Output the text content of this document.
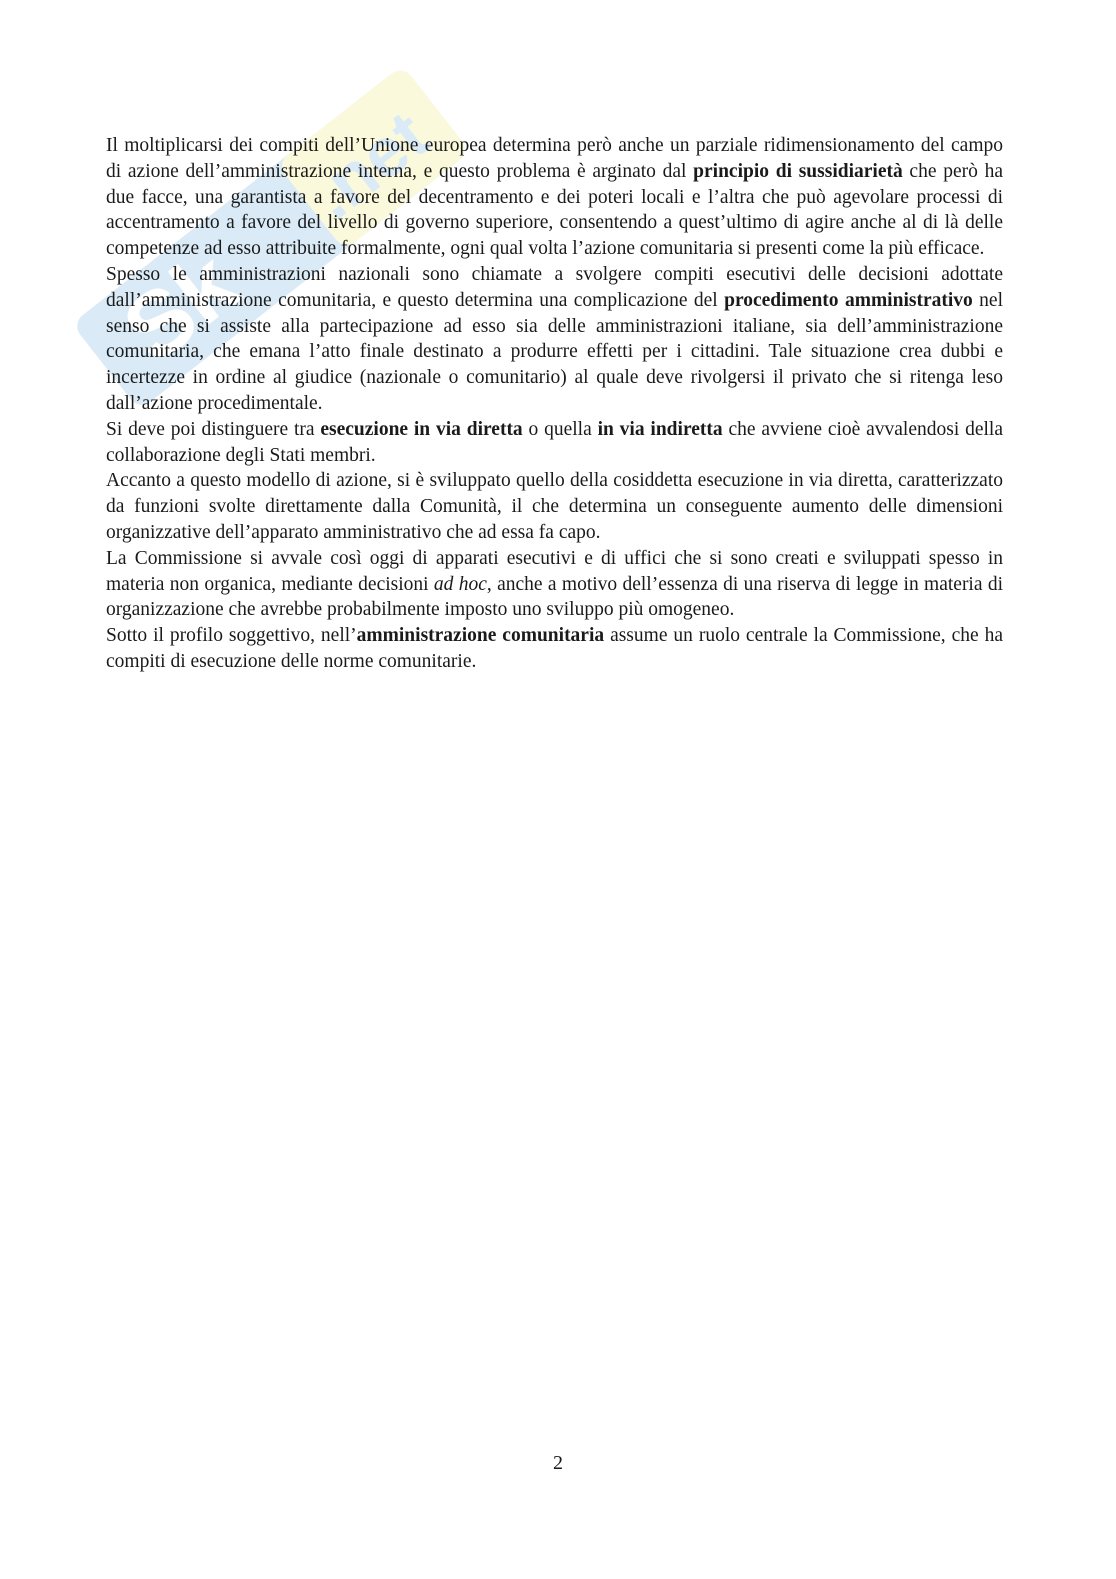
Sk
.net

Il moltiplicarsi dei compiti dell’Unione europea determina però anche un parziale ridimensionamento del campo di azione dell’amministrazione interna, e questo problema è arginato dal principio di sussidiarietà che però ha due facce, una garantista a favore del decentramento e dei poteri locali e l’altra che può agevolare processi di accentramento a favore del livello di governo superiore, consentendo a quest’ultimo di agire anche al di là delle competenze ad esso attribuite formalmente, ogni qual volta l’azione comunitaria si presenti come la più efficace.

Spesso le amministrazioni nazionali sono chiamate a svolgere compiti esecutivi delle decisioni adottate dall’amministrazione comunitaria, e questo determina una complicazione del procedimento amministrativo nel senso che si assiste alla partecipazione ad esso sia delle amministrazioni italiane, sia dell’amministrazione comunitaria, che emana l’atto finale destinato a produrre effetti per i cittadini. Tale situazione crea dubbi e incertezze in ordine al giudice (nazionale o comunitario) al quale deve rivolgersi il privato che si ritenga leso dall’azione procedimentale.

Si deve poi distinguere tra esecuzione in via diretta o quella in via indiretta che avviene cioè avvalendosi della collaborazione degli Stati membri.

Accanto a questo modello di azione, si è sviluppato quello della cosiddetta esecuzione in via diretta, caratterizzato da funzioni svolte direttamente dalla Comunità, il che determina un conseguente aumento delle dimensioni organizzative dell’apparato amministrativo che ad essa fa capo.

La Commissione si avvale così oggi di apparati esecutivi e di uffici che si sono creati e sviluppati spesso in materia non organica, mediante decisioni ad hoc, anche a motivo dell’essenza di una riserva di legge in materia di organizzazione che avrebbe probabilmente imposto uno sviluppo più omogeneo.

Sotto il profilo soggettivo, nell’amministrazione comunitaria assume un ruolo centrale la Commissione, che ha compiti di esecuzione delle norme comunitarie.

2
